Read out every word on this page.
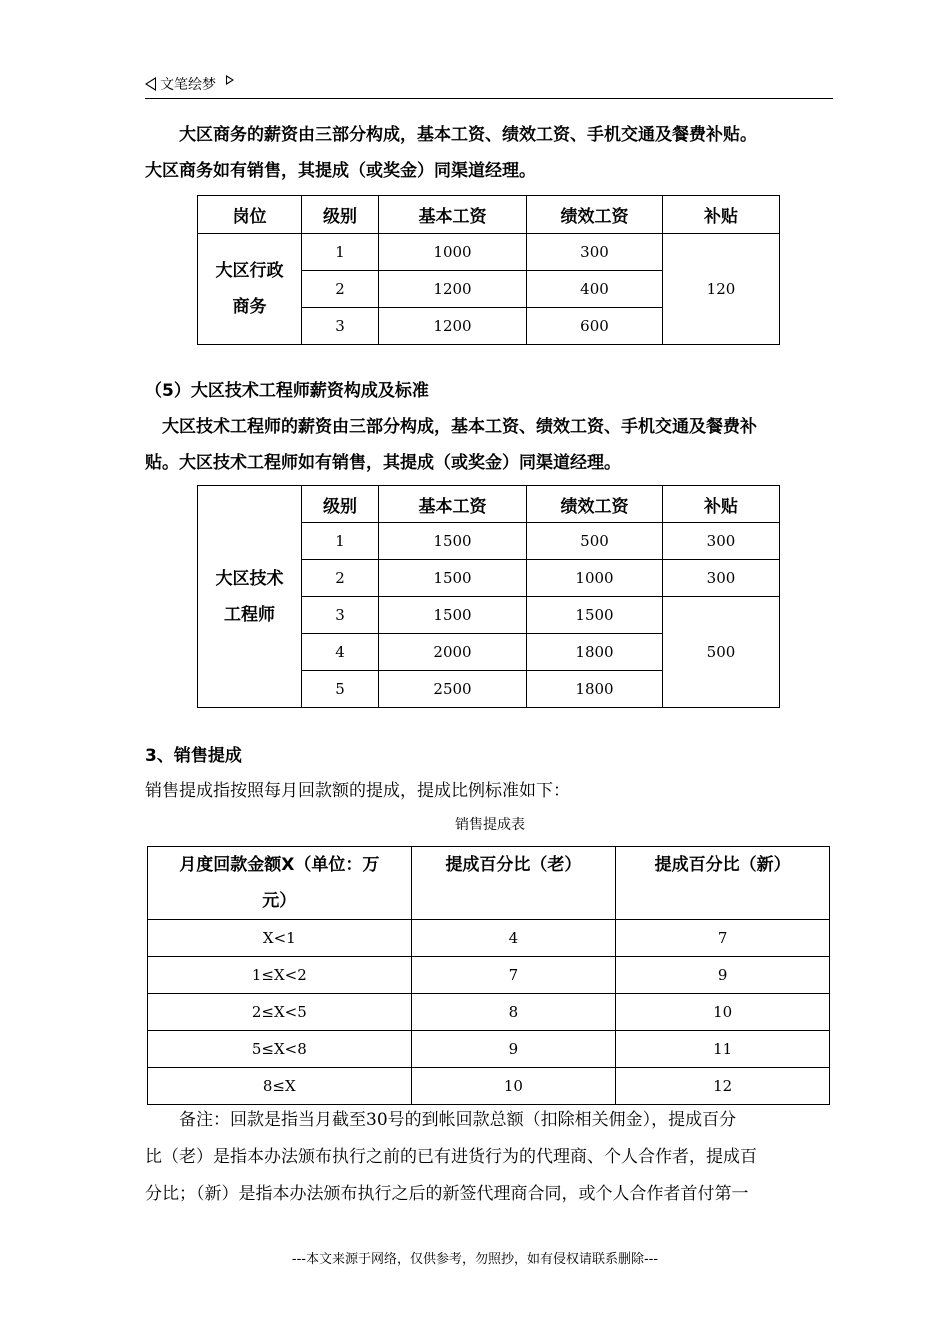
文笔绘梦
大区商务的薪资由三部分构成，基本工资、绩效工资、手机交通及餐费补贴。
大区商务如有销售，其提成（或奖金）同渠道经理。
岗位	级别	基本工资	绩效工资	补贴

大区行政
商务	1	1000	300	120
	2	1200	400	
	3	1200	600	
（5）大区技术工程师薪资构成及标准
大区技术工程师的薪资由三部分构成，基本工资、绩效工资、手机交通及餐费补
贴。大区技术工程师如有销售，其提成（或奖金）同渠道经理。
大区技术
工程师	级别	基本工资	绩效工资	补贴
	1	1500	500	300
	2	1500	1000	300
	3	1500	1500	500
	4	2000	1800	
	5	2500	1800	
3、销售提成
销售提成指按照每月回款额的提成，提成比例标准如下：
销售提成表
月度回款金额X（单位：万
元）	提成百分比（老）	提成百分比（新）
X<1	4	7
1≤X<2	7	9
2≤X<5	8	10
5≤X<8	9	11
8≤X	10	12
备注：回款是指当月截至30号的到帐回款总额（扣除相关佣金），提成百分
比（老）是指本办法颁布执行之前的已有进货行为的代理商、个人合作者，提成百
分比；（新）是指本办法颁布执行之后的新签代理商合同，或个人合作者首付第一
---本文来源于网络，仅供参考，勿照抄，如有侵权请联系删除---
